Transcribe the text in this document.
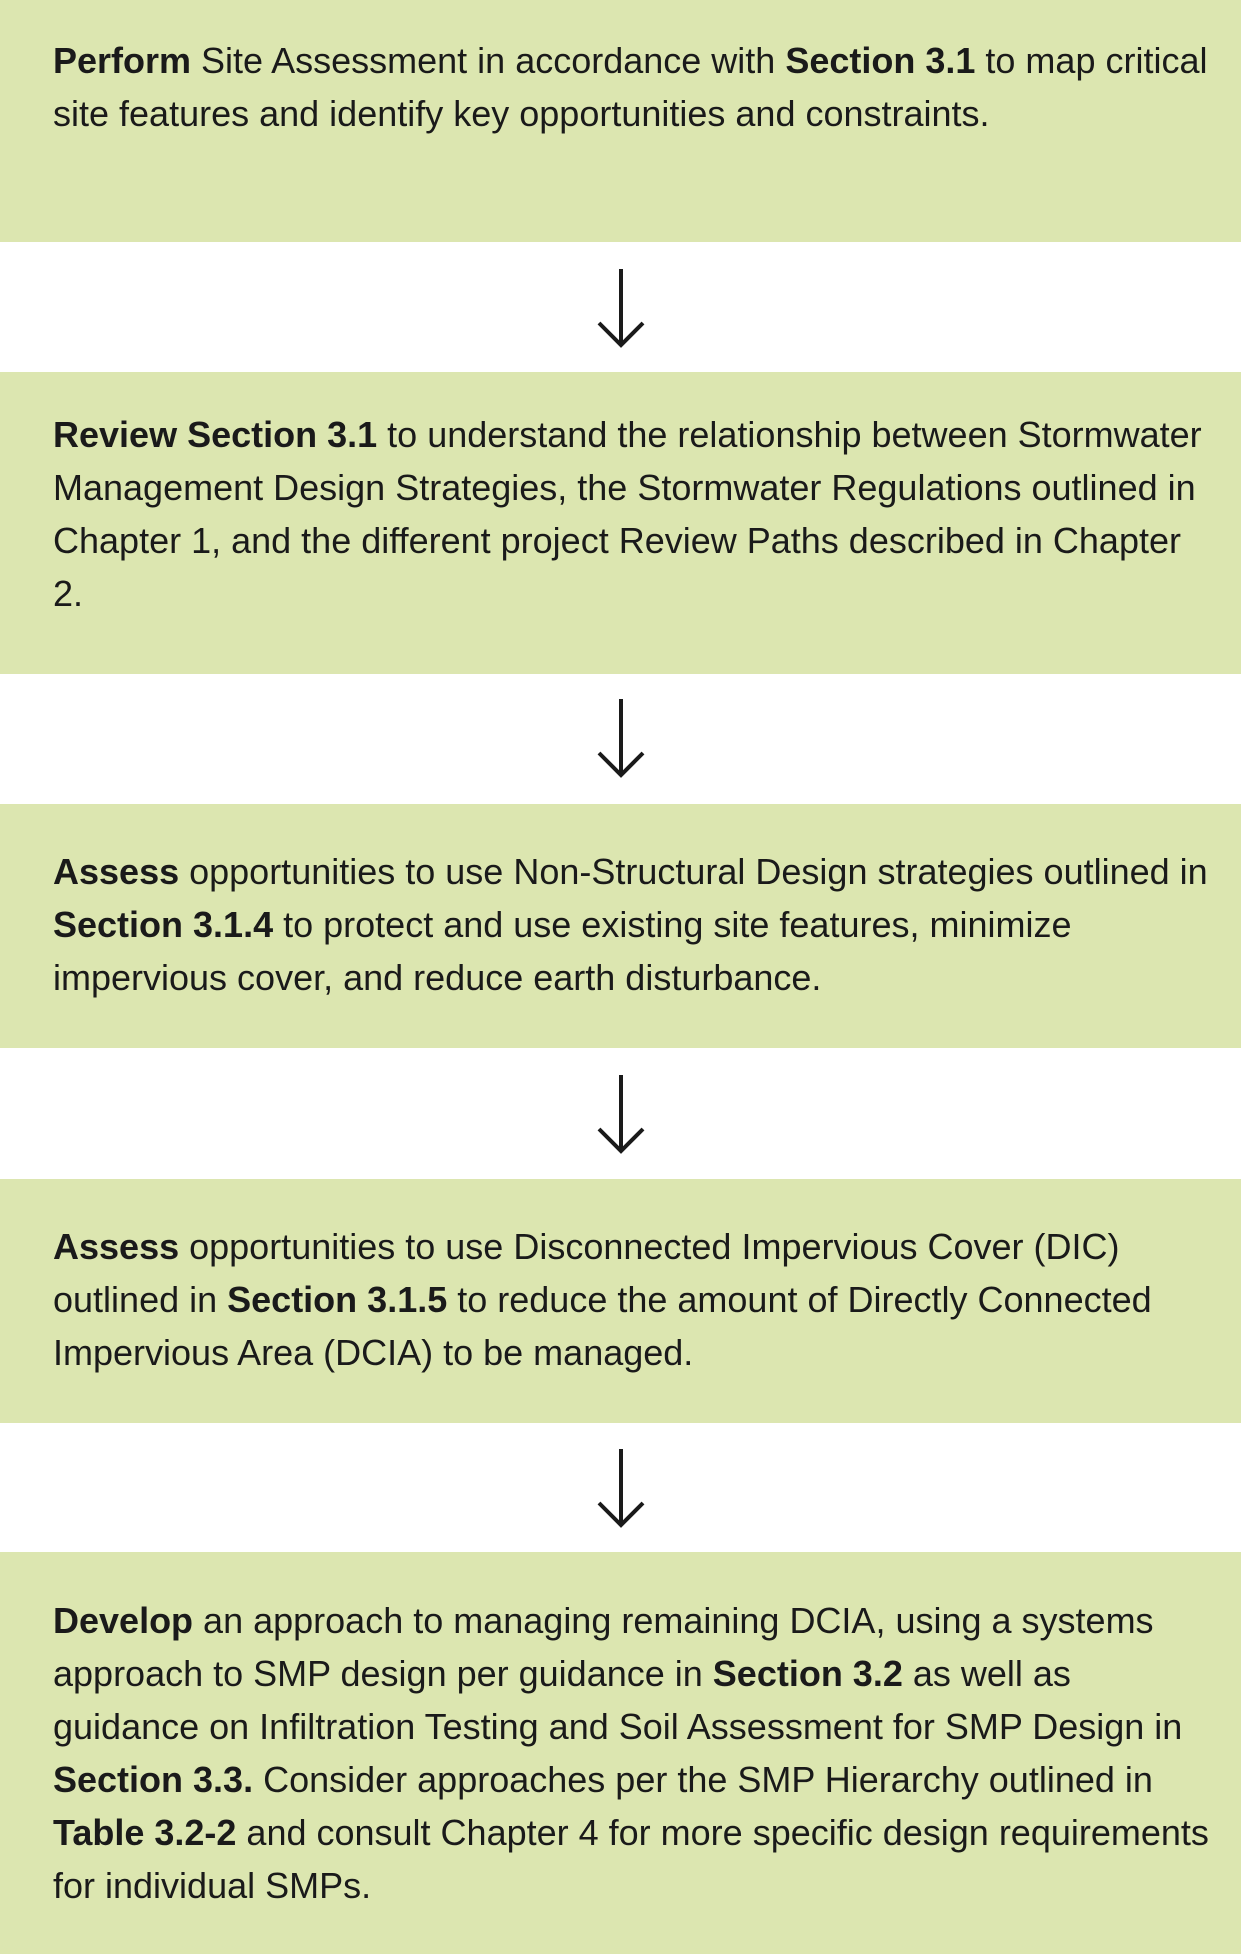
Perform Site Assessment in accordance with Section 3.1 to map critical site features and identify key opportunities and constraints.

Review Section 3.1 to understand the relationship between Stormwater Management Design Strategies, the Stormwater Regulations outlined in Chapter 1, and the different project Review Paths described in Chapter 2.

Assess opportunities to use Non-Structural Design strategies outlined in Section 3.1.4 to protect and use existing site features, minimize impervious cover, and reduce earth disturbance.

Assess opportunities to use Disconnected Impervious Cover (DIC) outlined in Section 3.1.5 to reduce the amount of Directly Connected Impervious Area (DCIA) to be managed.

Develop an approach to managing remaining DCIA, using a systems approach to SMP design per guidance in Section 3.2 as well as guidance on Infiltration Testing and Soil Assessment for SMP Design in Section 3.3. Consider approaches per the SMP Hierarchy outlined in Table 3.2-2 and consult Chapter 4 for more specific design requirements for individual SMPs.
